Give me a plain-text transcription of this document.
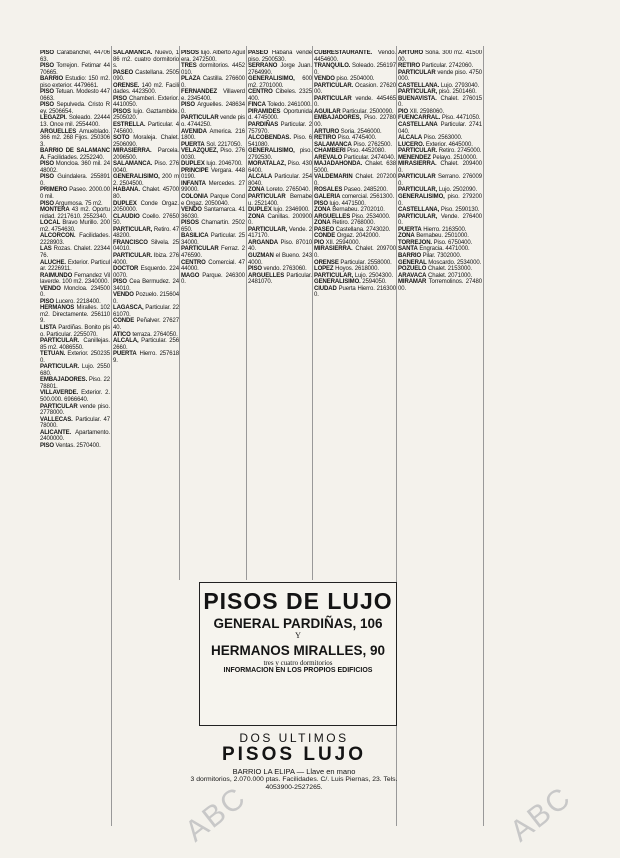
PISO Carabanchel, 4470663.
PISO Torrejon. Fetimar 4470665.
BARRIO Estudio: 150 m2. piso exterior. 4479661.
PISO Tetuan. Modesto 4470663.
PISO Sepulveda. Cristo Rey. 2506654.
LEGAZPI. Soleado. 2244413. Once mil. 2554400.
ARGUELLES Amueblado. 366 m2. 268 Fijos. 2503063.
BARRIO DE SALAMANCA. Facilidades. 2252240.
PISO Moncloa. 360 mil. 2448002.
PISO Guindalera. 2558910.
PRIMERO Paseo. 2000.000 mil.
PISO Argumosa. 75 m2.
MONTERA 43 m2. Oportunidad. 2217610. 2552340.
LOCAL Bravo Murillo. 200 m2. 4754630.
ALCORCON. Facilidades. 2228903.
LAS Rozas. Chalet. 2234476.
ALUCHE. Exterior. Particular. 2226911.
RAIMUNDO Fernandez Villaverde. 100 m2. 2340000.
VENDO Moncloa. 2345000.
PISO Lucero. 2218400.
HERMANOS Miralles. 102 m2. Directamente. 2561109.
LISTA Pardiñas. Bonito piso. Particular. 2255070.
PARTICULAR. Canillejas. 85 m2. 4086550.
TETUAN. Exterior. 2502350.
PARTICULAR. Lujo. 2550680.
EMBAJADORES. Piso. 2278801.
VILLAVERDE. Exterior. 2.500.000. 6966640.
PARTICULAR vende piso. 2778000.
VALLECAS. Particular. 4778000.
ALICANTE. Apartamento. 2400000.
PISO Ventas. 2570400.
SALAMANCA. Nuevo, 186 m2. cuatro dormitorios.
PASEO Castellana. 2505090.
ORENSE. 140 m2. Facilidades. 4423500.
PISO Chamberi. Exterior. 4410050.
PISOS lujo. Gaztambide. 2505020.
ESTRELLA. Particular. 4745600.
SOTO Moraleja. Chalet. 2506090.
MIRASIERRA. Parcela. 2096500.
SALAMANCA. Piso. 2760040.
GENERALISIMO, 200 m2. 2504500.
HABANA. Chalet. 4570080.
DUPLEX Conde Orgaz. 2050000.
CLAUDIO Coello. 2765050.
PARTICULAR, Retiro. 4748200.
FRANCISCO Silvela. 2504010.
PARTICULAR. Ibiza. 2764000.
DOCTOR Esquerdo. 2240070.
PISO Cea Bermudez. 2434010.
VENDO Pozuelo. 2156040.
LAGASCA, Particular. 2261070.
CONDE Peñalver. 2762740.
ATICO terraza. 2764050.
ALCALA, Particular. 2562660.
PUERTA Hierro. 2576189.
PISOS lujo. Alberto Aguilera. 2472500.
TRES dormitorios. 4452010.
PLAZA Castilla. 2766000.
FERNANDEZ Villaverde. 2345400.
PISO Arguelles. 2486340.
PARTICULAR vende piso. 4744250.
AVENIDA America. 2161800.
PUERTA Sol. 2217050.
VELAZQUEZ, Piso. 2760030.
DUPLEX lujo. 2046700.
PRINCIPE Vergara. 4480190.
INFANTA Mercedes. 2799000.
COLONIA Parque Conde Orgaz. 2050040.
VENDO Santamarca. 4136030.
PISOS Chamartin. 2502650.
BASILICA Particular. 2534000.
PARTICULAR Ferraz. 2476590.
CENTRO Comercial. 4744000.
MAGO Parque. 2463000.
PASEO Habana vende piso. 2500530.
SERRANO Jorge Juan. 2764990.
GENERALISIMO, 600 m2. 2701000.
CENTRO Cibeles. 2325400.
FINCA Toledo. 2461000.
PIRAMIDES Oportunidad. 4745000.
PARDIÑAS Particular. 2757970.
ALCOBENDAS. Piso. 6541080.
GENERALISIMO, piso. 2792530.
MORATALAZ, Piso. 4306400.
ALCALA Particular. 2548040.
ZONA Loreto. 2765040.
PARTICULAR Bernabeu. 2521400.
DUPLEX lujo. 2346900.
ZONA Canillas. 2009000.
PARTICULAR, Vende. 2417170.
ARGANDA Piso. 8701040.
GUZMAN el Bueno. 2434000.
PISO vendo. 2763060.
ARGUELLES Particular. 2481070.
CUBRESTAURANTE. Vendo. 4454600.
TRANQUILO. Soleado. 2561970.
VENDO piso. 2504000.
PARTICULAR. Ocasion. 2762000.
PARTICULAR vende. 4454650.
AGUILAR Particular. 2500090.
EMBAJADORES, Piso. 2278000.
ARTURO Soria. 2546000.
RETIRO Piso. 4745400.
SALAMANCA Piso. 2762500.
CHAMBERI Piso. 4452080.
AREVALO Particular. 2474040.
MAJADAHONDA. Chalet. 6385000.
VALDEMARIN Chalet. 2072000.
ROSALES Paseo. 2485200.
GALERIA comercial. 2561300.
PISO lujo. 4471500.
ZONA Bernabeu. 2702010.
ARGUELLES Piso. 2534000.
ZONA Retiro. 2768000.
PASEO Castellana. 2743020.
CONDE Orgaz. 2042000.
PIO XII. 2594000.
MIRASIERRA. Chalet. 2097000.
ORENSE Particular. 2558000.
LOPEZ Hoyos. 2618000.
PARTICULAR, Lujo. 2504300.
GENERALISIMO. 2594050.
CIUDAD Puerta Hierro. 2163000.
ARTURO Soria. 300 m2. 4150000.
RETIRO Particular. 2742060.
PARTICULAR vende piso. 4750000.
CASTELLANA. Lujo. 2793040.
PARTICULAR, piso. 2501460.
BUENAVISTA. Chalet. 2760150.
PIO XII. 2598060.
FUENCARRAL. Piso. 4471050.
CASTELLANA Particular. 2741040.
ALCALA Piso. 2563000.
LUCERO. Exterior. 4645000.
PARTICULAR. Retiro. 2745000.
MENENDEZ Pelayo. 2510000.
MIRASIERRA. Chalet. 2094000.
PARTICULAR Serrano. 2760090.
PARTICULAR, Lujo. 2502090.
GENERALISIMO, piso. 2792000.
CASTELLANA, Piso. 2590130.
PARTICULAR, Vende. 2764000.
PUERTA Hierro. 2163500.
ZONA Bernabeu. 2501000.
TORREJON. Piso. 6750400.
SANTA Engracia. 4471000.
BARRIO Pilar. 7302000.
GENERAL Moscardo. 2534000.
POZUELO Chalet. 2153000.
ARAVACA Chalet. 2071000.
MIRAMAR Torremolinos. 2748000.
PISOS DE LUJO
GENERAL PARDIÑAS, 106
Y
HERMANOS MIRALLES, 90
tres y cuatro dormitorios
INFORMACION EN LOS PROPIOS EDIFICIOS
DOS ULTIMOS
PISOS LUJO
BARRIO LA ELIPA — Llave en mano
3 dormitorios, 2.070.000 ptas. Facilidades. C/. Luis Piernas, 23. Tels. 4053900-2527265.
ABC	ABC
